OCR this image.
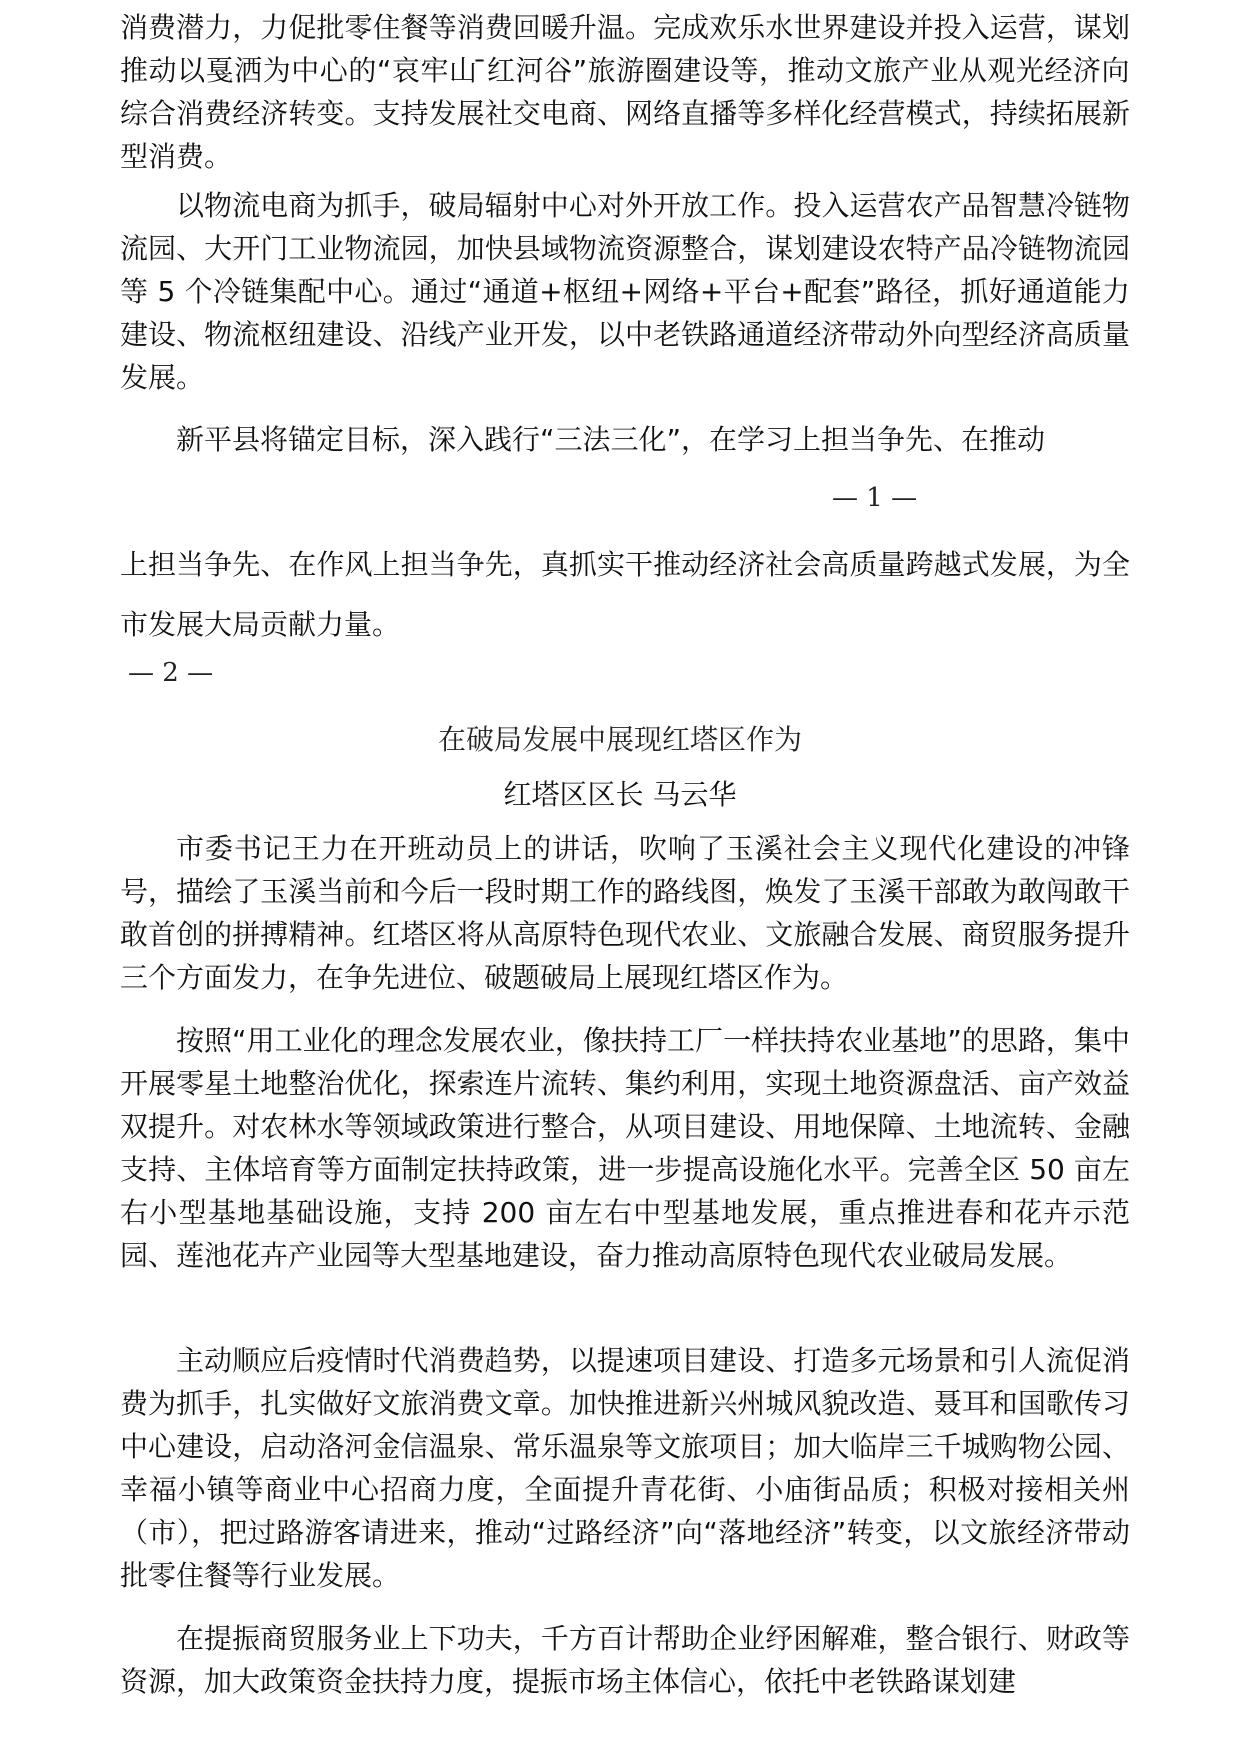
消费潜力，力促批零住餐等消费回暖升温。完成欢乐水世界建设并投入运营，谋划推动以戛洒为中心的“哀牢山 ̄红河谷”旅游圈建设等，推动文旅产业从观光经济向综合消费经济转变。支持发展社交电商、网络直播等多样化经营模式，持续拓展新型消费。

以物流电商为抓手，破局辐射中心对外开放工作。投入运营农产品智慧冷链物流园、大开门工业物流园，加快县域物流资源整合，谋划建设农特产品冷链物流园等 5 个冷链集配中心。通过“通道+枢纽+网络+平台+配套”路径，抓好通道能力建设、物流枢纽建设、沿线产业开发，以中老铁路通道经济带动外向型经济高质量发展。

新平县将锚定目标，深入践行“三法三化”，在学习上担当争先、在推动

— 1 —

上担当争先、在作风上担当争先，真抓实干推动经济社会高质量跨越式发展，为全市发展大局贡献力量。

— 2 —
在破局发展中展现红塔区作为
红塔区区长 马云华

市委书记王力在开班动员上的讲话，吹响了玉溪社会主义现代化建设的冲锋号，描绘了玉溪当前和今后一段时期工作的路线图，焕发了玉溪干部敢为敢闯敢干敢首创的拼搏精神。红塔区将从高原特色现代农业、文旅融合发展、商贸服务提升三个方面发力，在争先进位、破题破局上展现红塔区作为。

按照“用工业化的理念发展农业，像扶持工厂一样扶持农业基地”的思路，集中开展零星土地整治优化，探索连片流转、集约利用，实现土地资源盘活、亩产效益双提升。对农林水等领域政策进行整合，从项目建设、用地保障、土地流转、金融支持、主体培育等方面制定扶持政策，进一步提高设施化水平。完善全区 50 亩左右小型基地基础设施，支持 200 亩左右中型基地发展，重点推进春和花卉示范园、莲池花卉产业园等大型基地建设，奋力推动高原特色现代农业破局发展。

主动顺应后疫情时代消费趋势，以提速项目建设、打造多元场景和引人流促消费为抓手，扎实做好文旅消费文章。加快推进新兴州城风貌改造、聂耳和国歌传习中心建设，启动洛河金信温泉、常乐温泉等文旅项目；加大临岸三千城购物公园、幸福小镇等商业中心招商力度，全面提升青花街、小庙街品质；积极对接相关州（市），把过路游客请进来，推动“过路经济”向“落地经济”转变，以文旅经济带动批零住餐等行业发展。

在提振商贸服务业上下功夫，千方百计帮助企业纾困解难，整合银行、财政等资源，加大政策资金扶持力度，提振市场主体信心，依托中老铁路谋划建
